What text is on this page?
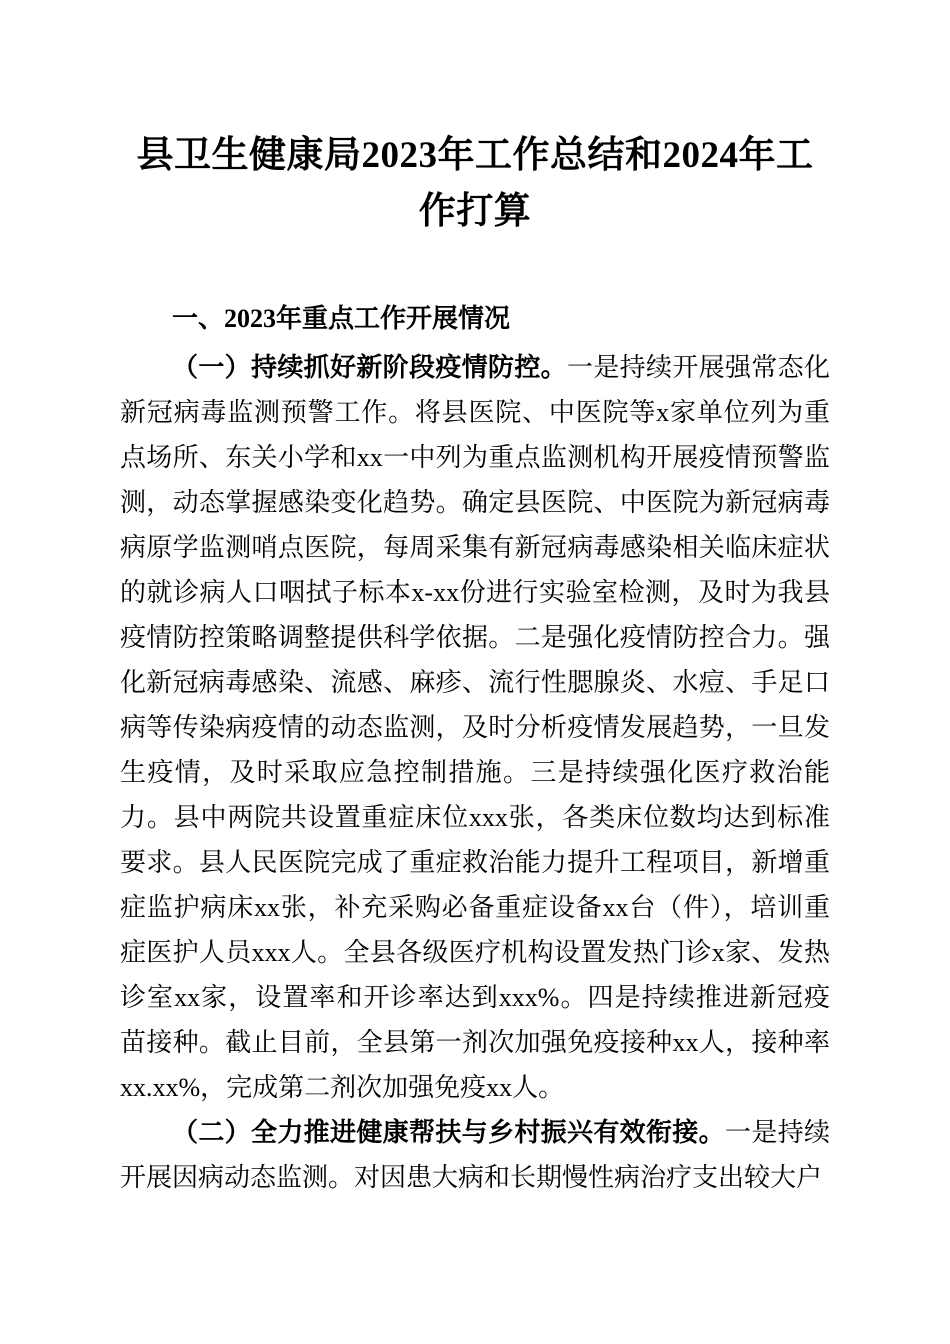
县卫生健康局2023年工作总结和2024年工作打算
一、2023年重点工作开展情况

（一）持续抓好新阶段疫情防控。一是持续开展强常态化新冠病毒监测预警工作。将县医院、中医院等x家单位列为重点场所、东关小学和xx一中列为重点监测机构开展疫情预警监测，动态掌握感染变化趋势。确定县医院、中医院为新冠病毒病原学监测哨点医院，每周采集有新冠病毒感染相关临床症状的就诊病人口咽拭子标本x-xx份进行实验室检测，及时为我县疫情防控策略调整提供科学依据。二是强化疫情防控合力。强化新冠病毒感染、流感、麻疹、流行性腮腺炎、水痘、手足口病等传染病疫情的动态监测，及时分析疫情发展趋势，一旦发生疫情，及时采取应急控制措施。三是持续强化医疗救治能力。县中两院共设置重症床位xxx张，各类床位数均达到标准要求。县人民医院完成了重症救治能力提升工程项目，新增重症监护病床xx张，补充采购必备重症设备xx台（件），培训重症医护人员xxx人。全县各级医疗机构设置发热门诊x家、发热诊室xx家，设置率和开诊率达到xxx%。四是持续推进新冠疫苗接种。截止目前，全县第一剂次加强免疫接种xx人，接种率xx.xx%，完成第二剂次加强免疫xx人。

（二）全力推进健康帮扶与乡村振兴有效衔接。一是持续开展因病动态监测。对因患大病和长期慢性病治疗支出较大户
